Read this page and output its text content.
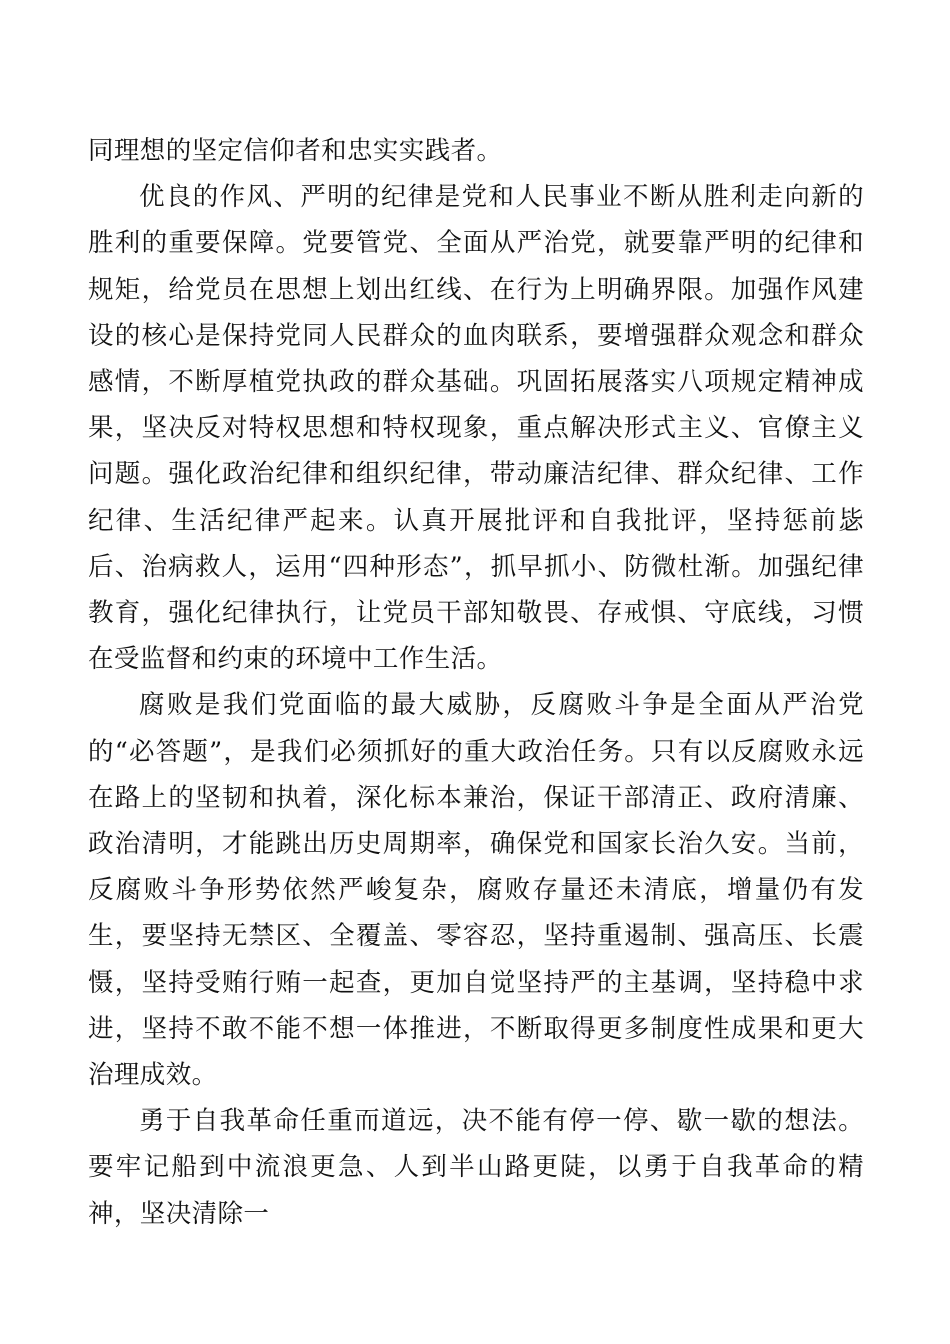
同理想的坚定信仰者和忠实实践者。

优良的作风、严明的纪律是党和人民事业不断从胜利走向新的胜利的重要保障。党要管党、全面从严治党，就要靠严明的纪律和规矩，给党员在思想上划出红线、在行为上明确界限。加强作风建设的核心是保持党同人民群众的血肉联系，要增强群众观念和群众感情，不断厚植党执政的群众基础。巩固拓展落实八项规定精神成果，坚决反对特权思想和特权现象，重点解决形式主义、官僚主义问题。强化政治纪律和组织纪律，带动廉洁纪律、群众纪律、工作纪律、生活纪律严起来。认真开展批评和自我批评，坚持惩前毖后、治病救人，运用“四种形态”，抓早抓小、防微杜渐。加强纪律教育，强化纪律执行，让党员干部知敬畏、存戒惧、守底线，习惯在受监督和约束的环境中工作生活。

腐败是我们党面临的最大威胁，反腐败斗争是全面从严治党的“必答题”，是我们必须抓好的重大政治任务。只有以反腐败永远在路上的坚韧和执着，深化标本兼治，保证干部清正、政府清廉、政治清明，才能跳出历史周期率，确保党和国家长治久安。当前，反腐败斗争形势依然严峻复杂，腐败存量还未清底，增量仍有发生，要坚持无禁区、全覆盖、零容忍，坚持重遏制、强高压、长震慑，坚持受贿行贿一起查，更加自觉坚持严的主基调，坚持稳中求进，坚持不敢不能不想一体推进，不断取得更多制度性成果和更大治理成效。

勇于自我革命任重而道远，决不能有停一停、歇一歇的想法。要牢记船到中流浪更急、人到半山路更陡，以勇于自我革命的精神，坚决清除一
